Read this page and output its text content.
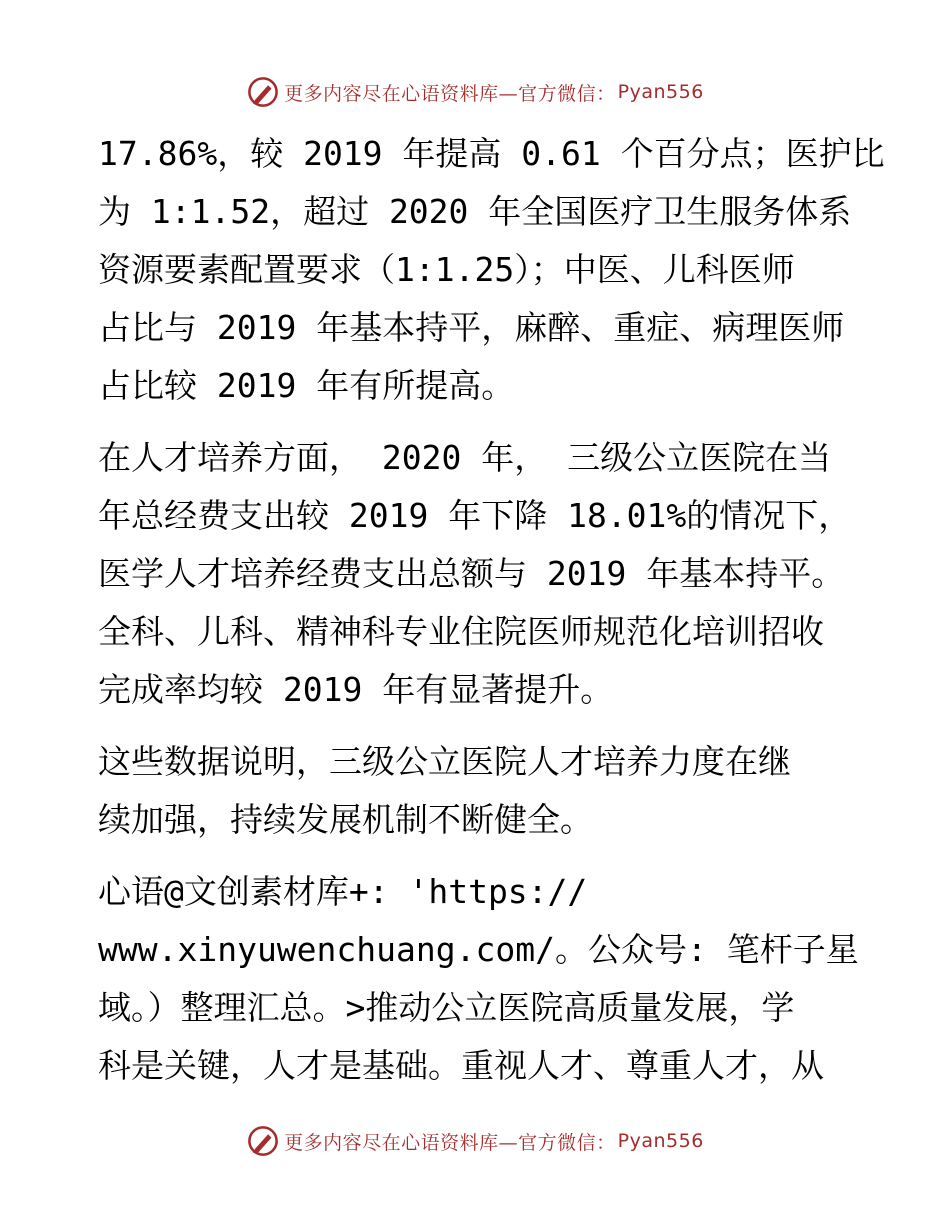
更多内容尽在心语资料库—官方微信： Pyan556
17.86%，较 2019 年提高 0.61 个百分点；医护比
为 1:1.52，超过 2020 年全国医疗卫生服务体系
资源要素配置要求（1:1.25）；中医、儿科医师
占比与 2019 年基本持平，麻醉、重症、病理医师
占比较 2019 年有所提高。
在人才培养方面， 2020 年， 三级公立医院在当
年总经费支出较 2019 年下降 18.01%的情况下，
医学人才培养经费支出总额与 2019 年基本持平。
全科、儿科、精神科专业住院医师规范化培训招收
完成率均较 2019 年有显著提升。
这些数据说明，三级公立医院人才培养力度在继
续加强，持续发展机制不断健全。
心语@文创素材库+: 'https://
www.xinyuwenchuang.com/。公众号: 笔杆子星
域。）整理汇总。>推动公立医院高质量发展，学
科是关键，人才是基础。重视人才、尊重人才，从
更多内容尽在心语资料库—官方微信： Pyan556
